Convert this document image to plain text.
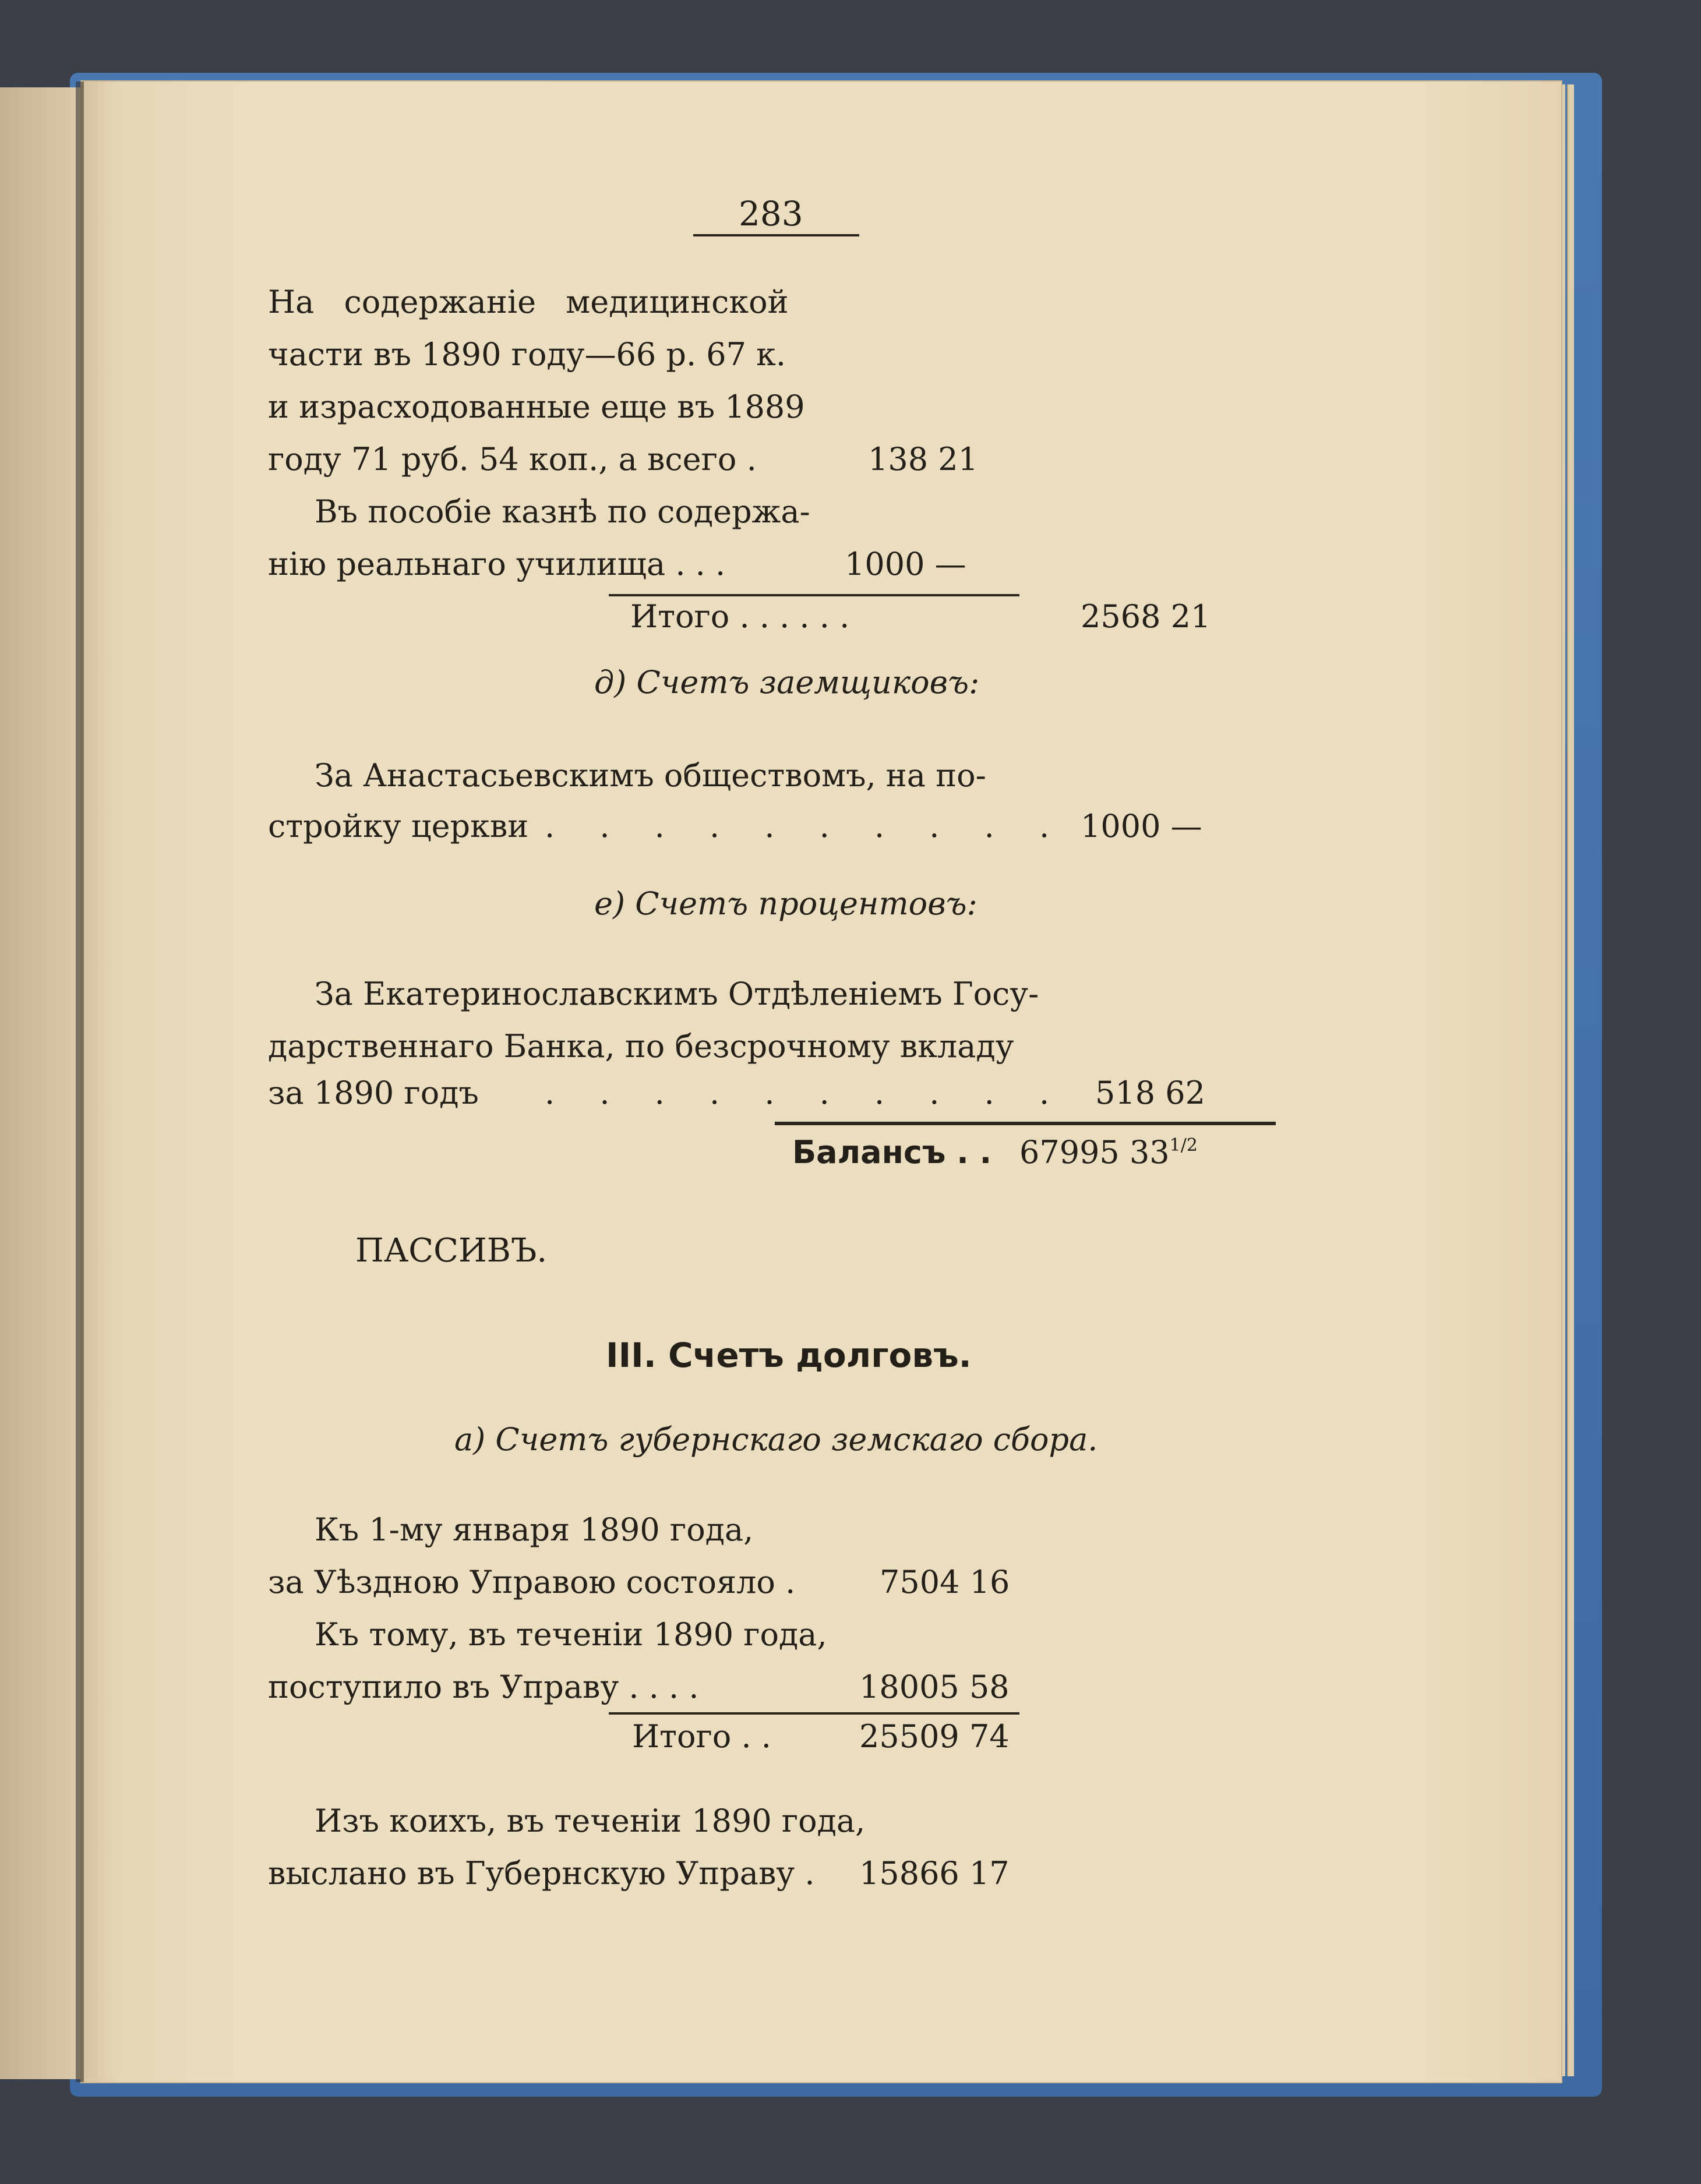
283
На содержаніе медицинской
части въ 1890 году—66 р. 67 к.
и израсходованные еще въ 1889
году 71 руб. 54 коп., а всего .	138 21
Въ пособіе казнѣ по содержа-
нію реальнаго училища . . .	1000 —
Итого . . . . . .	2568 21
д) Счетъ заемщиковъ:
За Анастасьевскимъ обществомъ, на по-
стройку церкви . . . . . . . . . . 1000 —
е) Счетъ процентовъ:
За Екатеринославскимъ Отдѣленіемъ Госу-
дарственнаго Банка, по безсрочному вкладу
за 1890 годъ . . . . . . . . . . 518 62
Балансъ . . 67995 $33^{1/2}$
ПАССИВЪ.
III. Счетъ долговъ.
а) Счетъ губернскаго земскаго сбора.
Къ 1-му января 1890 года,
за Уѣздною Управою состояло .	7504 16
Къ тому, въ теченіи 1890 года,
поступило въ Управу . . . .	18005 58
Итого . .	25509 74
Изъ коихъ, въ теченіи 1890 года,
выслано въ Губернскую Управу . 15866 17
